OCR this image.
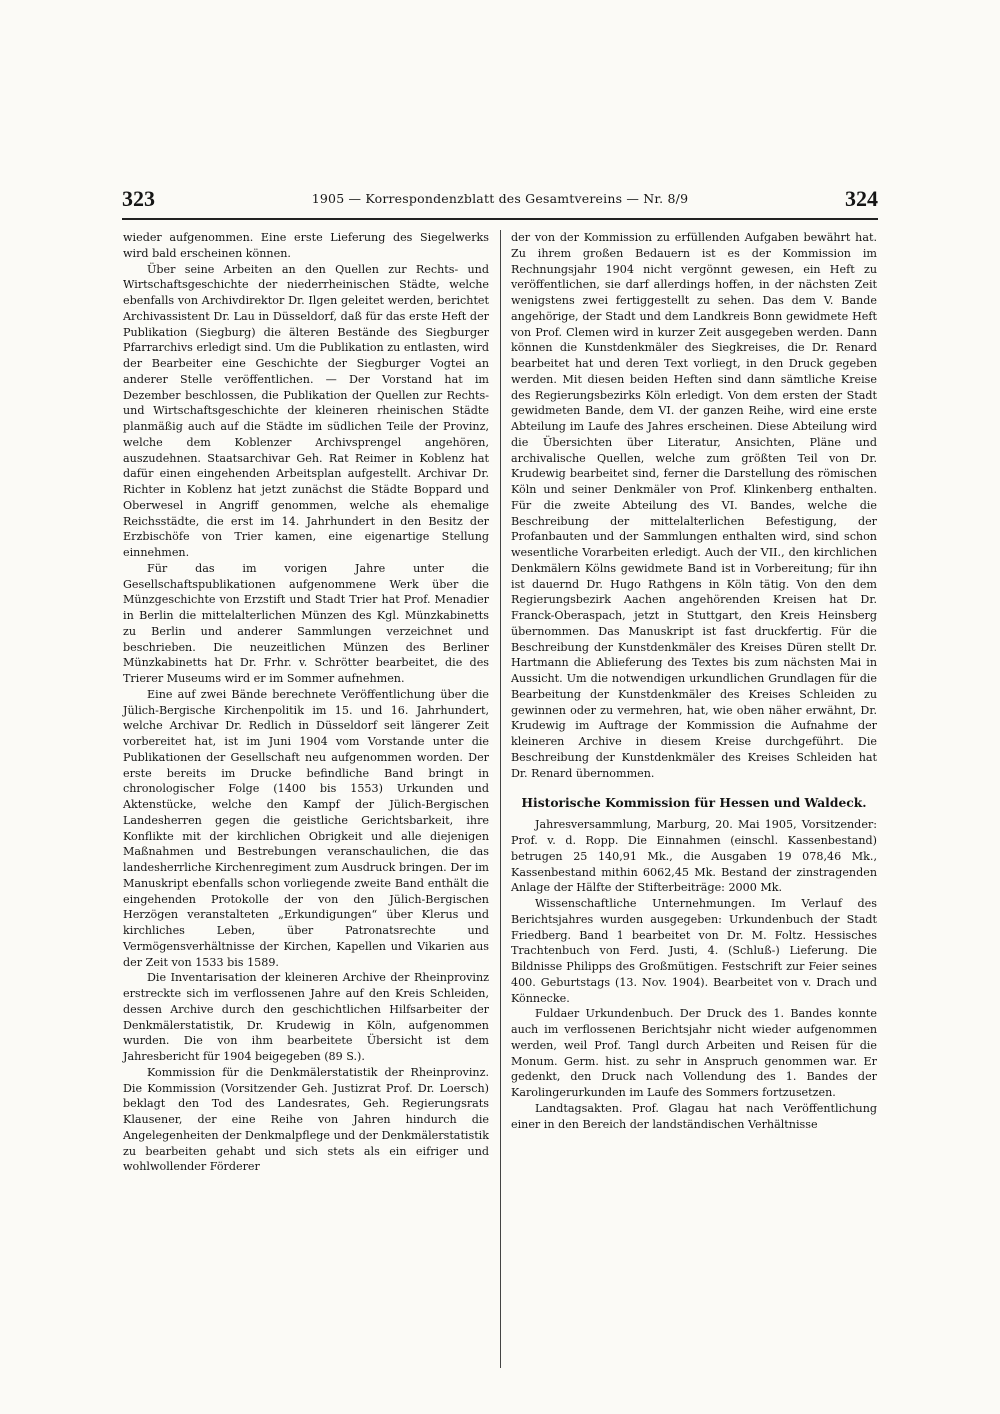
323	1905 — Korrespondenzblatt des Gesamtvereins — Nr. 8/9	324

wieder aufgenommen. Eine erste Lieferung des Siegelwerks wird bald erscheinen können.

Über seine Arbeiten an den Quellen zur Rechts- und Wirtschaftsgeschichte der niederrheinischen Städte, welche ebenfalls von Archivdirektor Dr. Ilgen geleitet werden, berichtet Archivassistent Dr. Lau in Düsseldorf, daß für das erste Heft der Publikation (Siegburg) die älteren Bestände des Siegburger Pfarrarchivs erledigt sind. Um die Publikation zu entlasten, wird der Bearbeiter eine Geschichte der Siegburger Vogtei an anderer Stelle veröffentlichen. — Der Vorstand hat im Dezember beschlossen, die Publikation der Quellen zur Rechts- und Wirtschaftsgeschichte der kleineren rheinischen Städte planmäßig auch auf die Städte im südlichen Teile der Provinz, welche dem Koblenzer Archivsprengel angehören, auszudehnen. Staatsarchivar Geh. Rat Reimer in Koblenz hat dafür einen eingehenden Arbeitsplan aufgestellt. Archivar Dr. Richter in Koblenz hat jetzt zunächst die Städte Boppard und Oberwesel in Angriff genommen, welche als ehemalige Reichsstädte, die erst im 14. Jahrhundert in den Besitz der Erzbischöfe von Trier kamen, eine eigenartige Stellung einnehmen.

Für das im vorigen Jahre unter die Gesellschaftspublikationen aufgenommene Werk über die Münzgeschichte von Erzstift und Stadt Trier hat Prof. Menadier in Berlin die mittelalterlichen Münzen des Kgl. Münzkabinetts zu Berlin und anderer Sammlungen verzeichnet und beschrieben. Die neuzeitlichen Münzen des Berliner Münzkabinetts hat Dr. Frhr. v. Schrötter bearbeitet, die des Trierer Museums wird er im Sommer aufnehmen.

Eine auf zwei Bände berechnete Veröffentlichung über die Jülich-Bergische Kirchenpolitik im 15. und 16. Jahrhundert, welche Archivar Dr. Redlich in Düsseldorf seit längerer Zeit vorbereitet hat, ist im Juni 1904 vom Vorstande unter die Publikationen der Gesellschaft neu aufgenommen worden. Der erste bereits im Drucke befindliche Band bringt in chronologischer Folge (1400 bis 1553) Urkunden und Aktenstücke, welche den Kampf der Jülich-Bergischen Landesherren gegen die geistliche Gerichtsbarkeit, ihre Konflikte mit der kirchlichen Obrigkeit und alle diejenigen Maßnahmen und Bestrebungen veranschaulichen, die das landesherrliche Kirchenregiment zum Ausdruck bringen. Der im Manuskript ebenfalls schon vorliegende zweite Band enthält die eingehenden Protokolle der von den Jülich-Bergischen Herzögen veranstalteten „Erkundigungen“ über Klerus und kirchliches Leben, über Patronatsrechte und Vermögensverhältnisse der Kirchen, Kapellen und Vikarien aus der Zeit von 1533 bis 1589.

Die Inventarisation der kleineren Archive der Rheinprovinz erstreckte sich im verflossenen Jahre auf den Kreis Schleiden, dessen Archive durch den geschichtlichen Hilfsarbeiter der Denkmälerstatistik, Dr. Krudewig in Köln, aufgenommen wurden. Die von ihm bearbeitete Übersicht ist dem Jahresbericht für 1904 beigegeben (89 S.).

Kommission für die Denkmälerstatistik der Rheinprovinz. Die Kommission (Vorsitzender Geh. Justizrat Prof. Dr. Loersch) beklagt den Tod des Landesrates, Geh. Regierungsrats Klausener, der eine Reihe von Jahren hindurch die Angelegenheiten der Denkmalpflege und der Denkmälerstatistik zu bearbeiten gehabt und sich stets als ein eifriger und wohlwollender Förderer

der von der Kommission zu erfüllenden Aufgaben bewährt hat. Zu ihrem großen Bedauern ist es der Kommission im Rechnungsjahr 1904 nicht vergönnt gewesen, ein Heft zu veröffentlichen, sie darf allerdings hoffen, in der nächsten Zeit wenigstens zwei fertiggestellt zu sehen. Das dem V. Bande angehörige, der Stadt und dem Landkreis Bonn gewidmete Heft von Prof. Clemen wird in kurzer Zeit ausgegeben werden. Dann können die Kunstdenkmäler des Siegkreises, die Dr. Renard bearbeitet hat und deren Text vorliegt, in den Druck gegeben werden. Mit diesen beiden Heften sind dann sämtliche Kreise des Regierungsbezirks Köln erledigt. Von dem ersten der Stadt gewidmeten Bande, dem VI. der ganzen Reihe, wird eine erste Abteilung im Laufe des Jahres erscheinen. Diese Abteilung wird die Übersichten über Literatur, Ansichten, Pläne und archivalische Quellen, welche zum größten Teil von Dr. Krudewig bearbeitet sind, ferner die Darstellung des römischen Köln und seiner Denkmäler von Prof. Klinkenberg enthalten. Für die zweite Abteilung des VI. Bandes, welche die Beschreibung der mittelalterlichen Befestigung, der Profanbauten und der Sammlungen enthalten wird, sind schon wesentliche Vorarbeiten erledigt. Auch der VII., den kirchlichen Denkmälern Kölns gewidmete Band ist in Vorbereitung; für ihn ist dauernd Dr. Hugo Rathgens in Köln tätig. Von den dem Regierungsbezirk Aachen angehörenden Kreisen hat Dr. Franck-Oberaspach, jetzt in Stuttgart, den Kreis Heinsberg übernommen. Das Manuskript ist fast druckfertig. Für die Beschreibung der Kunstdenkmäler des Kreises Düren stellt Dr. Hartmann die Ablieferung des Textes bis zum nächsten Mai in Aussicht. Um die notwendigen urkundlichen Grundlagen für die Bearbeitung der Kunstdenkmäler des Kreises Schleiden zu gewinnen oder zu vermehren, hat, wie oben näher erwähnt, Dr. Krudewig im Auftrage der Kommission die Aufnahme der kleineren Archive in diesem Kreise durchgeführt. Die Beschreibung der Kunstdenkmäler des Kreises Schleiden hat Dr. Renard übernommen.

Historische Kommission für Hessen und Waldeck.

Jahresversammlung, Marburg, 20. Mai 1905, Vorsitzender: Prof. v. d. Ropp. Die Einnahmen (einschl. Kassenbestand) betrugen 25 140,91 Mk., die Ausgaben 19 078,46 Mk., Kassenbestand mithin 6062,45 Mk. Bestand der zinstragenden Anlage der Hälfte der Stifterbeiträge: 2000 Mk.

Wissenschaftliche Unternehmungen. Im Verlauf des Berichtsjahres wurden ausgegeben: Urkundenbuch der Stadt Friedberg. Band 1 bearbeitet von Dr. M. Foltz. Hessisches Trachtenbuch von Ferd. Justi, 4. (Schluß-) Lieferung. Die Bildnisse Philipps des Großmütigen. Festschrift zur Feier seines 400. Geburtstags (13. Nov. 1904). Bearbeitet von v. Drach und Könnecke.

Fuldaer Urkundenbuch. Der Druck des 1. Bandes konnte auch im verflossenen Berichtsjahr nicht wieder aufgenommen werden, weil Prof. Tangl durch Arbeiten und Reisen für die Monum. Germ. hist. zu sehr in Anspruch genommen war. Er gedenkt, den Druck nach Vollendung des 1. Bandes der Karolingerurkunden im Laufe des Sommers fortzusetzen.

Landtagsakten. Prof. Glagau hat nach Veröffentlichung einer in den Bereich der landständischen Verhältnisse
